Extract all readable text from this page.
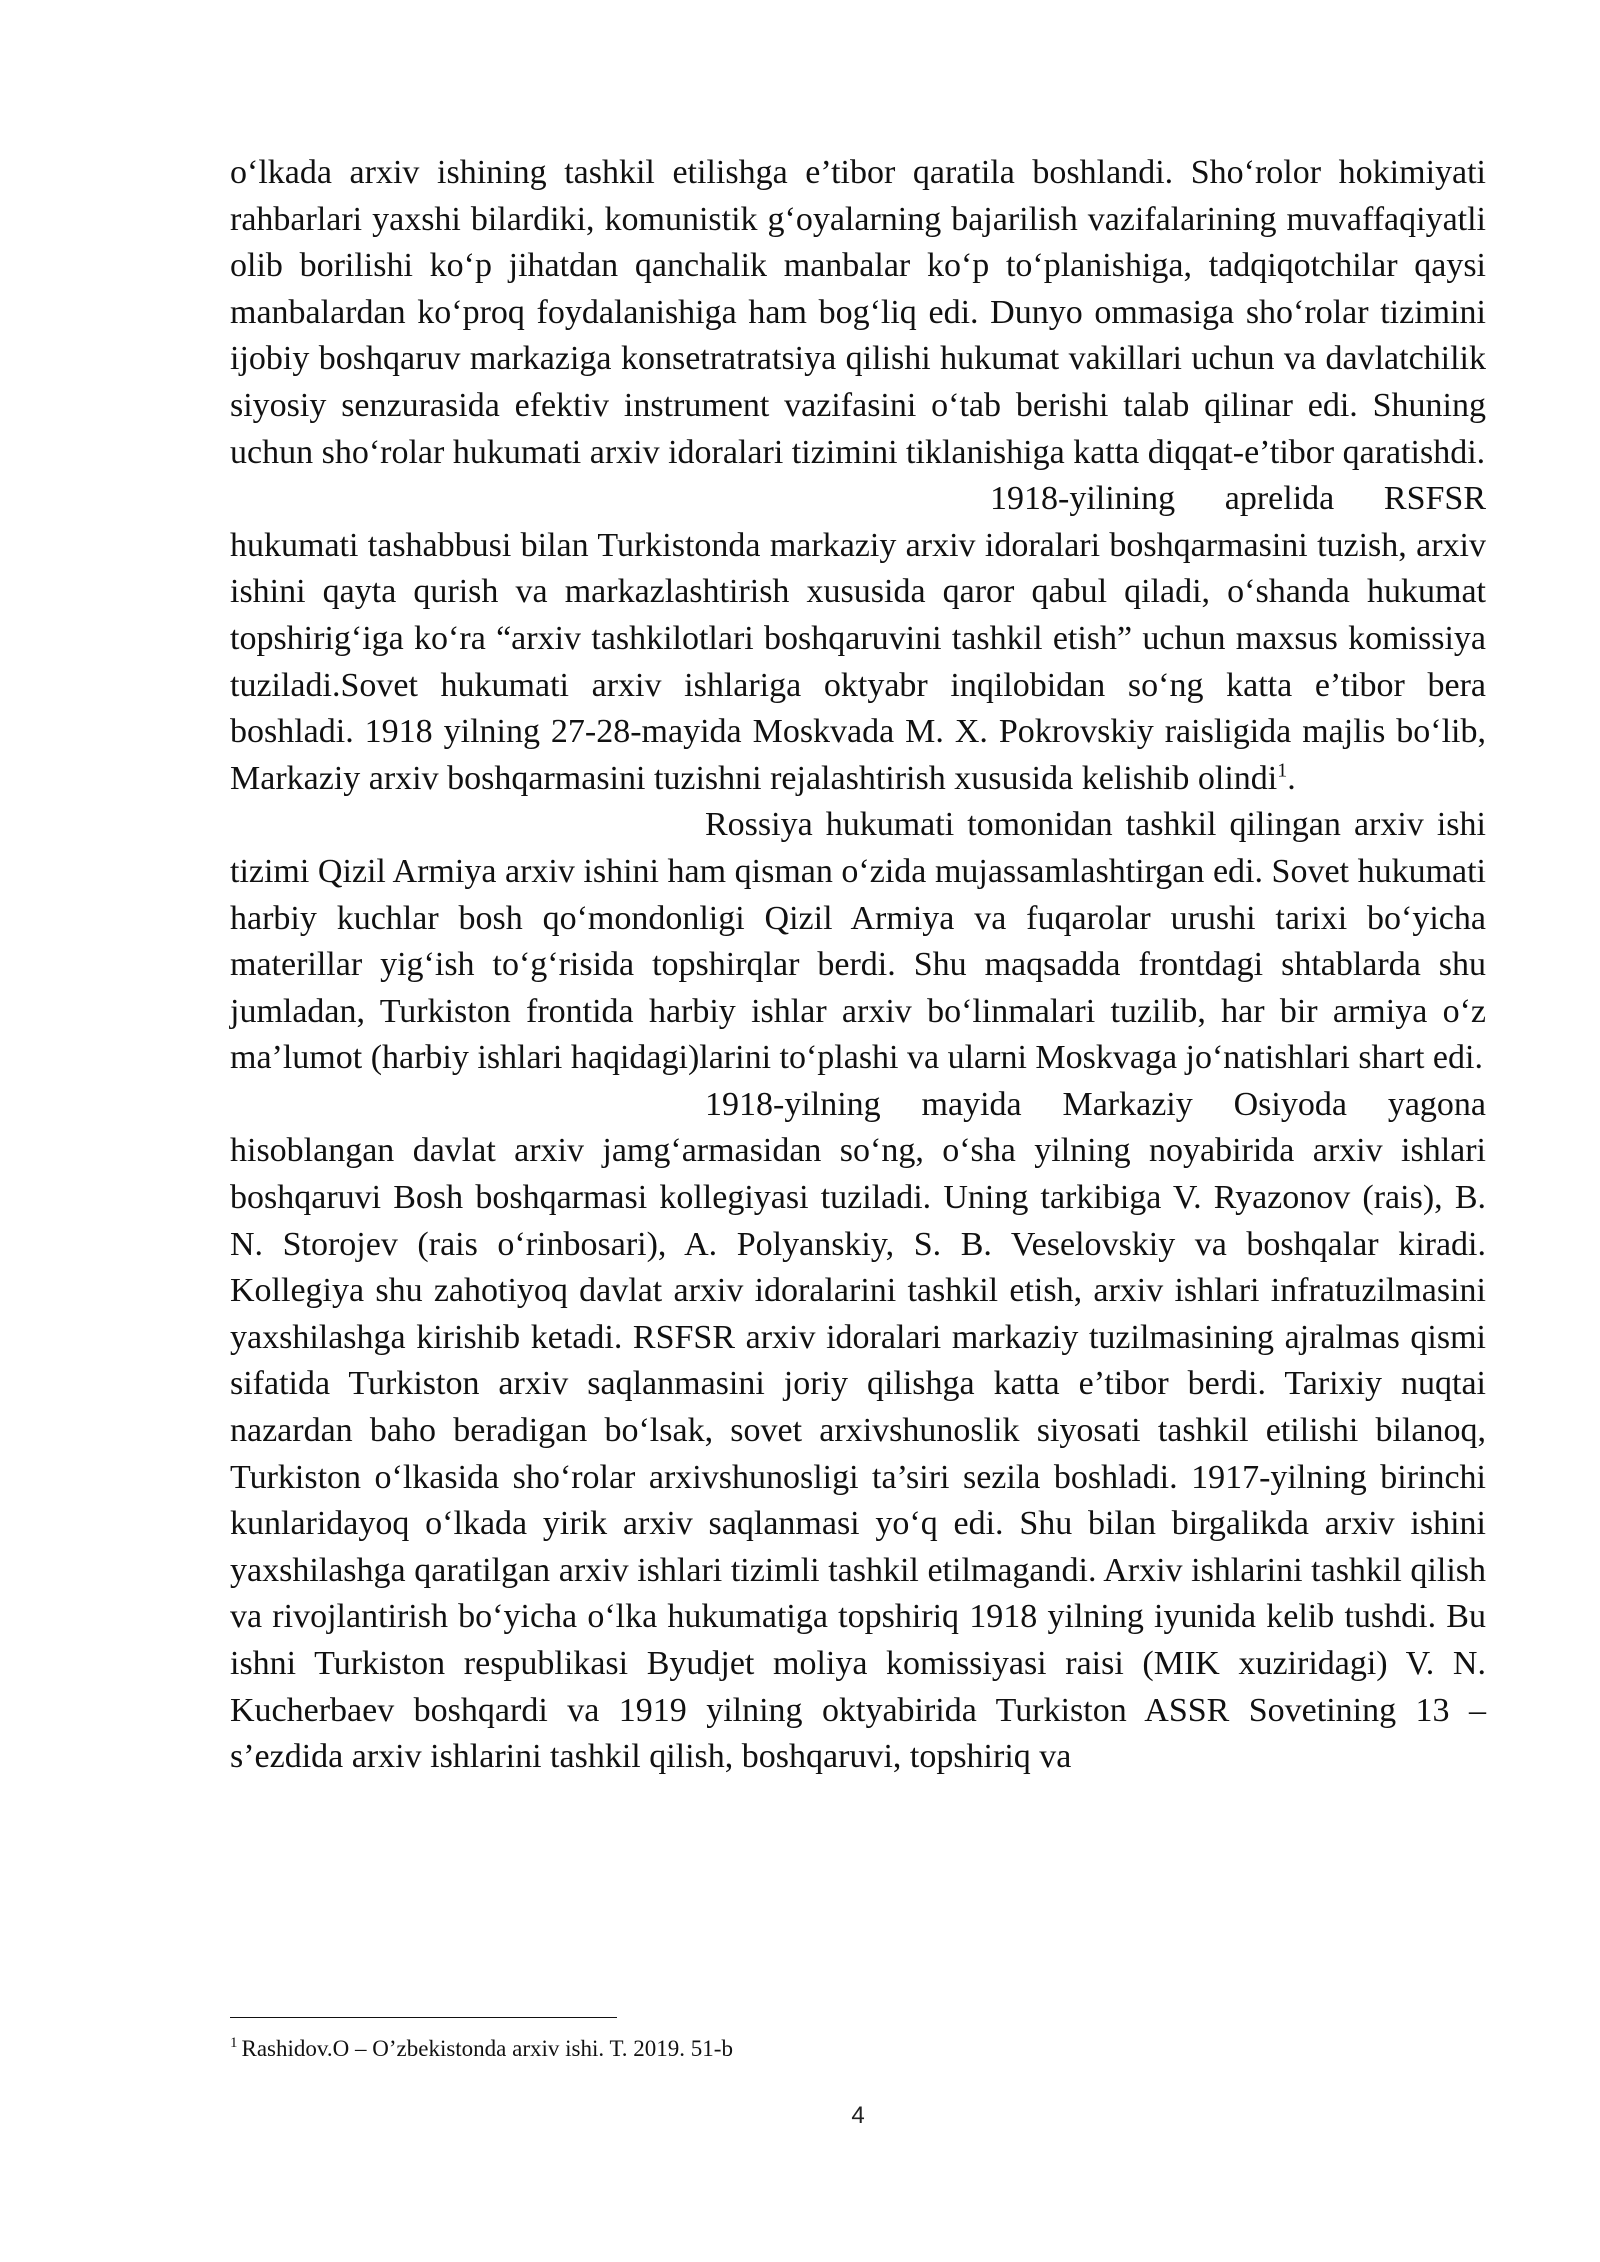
o‘lkada arxiv ishining tashkil etilishga e’tibor qaratila boshlandi. Sho‘rolor hokimiyati rahbarlari yaxshi bilardiki, komunistik g‘oyalarning bajarilish vazifalarining muvaffaqiyatli olib borilishi ko‘p jihatdan qanchalik manbalar ko‘p to‘planishiga, tadqiqotchilar qaysi manbalardan ko‘proq foydalanishiga ham bog‘liq edi. Dunyo ommasiga sho‘rolar tizimini ijobiy boshqaruv markaziga konsetratratsiya qilishi hukumat vakillari uchun va davlatchilik siyosiy senzurasida efektiv instrument vazifasini o‘tab berishi talab qilinar edi. Shuning uchun sho‘rolar hukumati arxiv idoralari tizimini tiklanishiga katta diqqat-e’tibor qaratishdi.

1918-yilining aprelida RSFSR hukumati tashabbusi bilan Turkistonda markaziy arxiv idoralari boshqarmasini tuzish, arxiv ishini qayta qurish va markazlashtirish xususida qaror qabul qiladi, o‘shanda hukumat topshirig‘iga ko‘ra “arxiv tashkilotlari boshqaruvini tashkil etish” uchun maxsus komissiya tuziladi.Sovet hukumati arxiv ishlariga oktyabr inqilobidan so‘ng katta e’tibor bera boshladi. 1918 yilning 27-28-mayida Moskvada M. X. Pokrovskiy raisligida majlis bo‘lib, Markaziy arxiv boshqarmasini tuzishni rejalashtirish xususida kelishib olindi$^1$.

Rossiya hukumati tomonidan tashkil qilingan arxiv ishi tizimi Qizil Armiya arxiv ishini ham qisman o‘zida mujassamlashtirgan edi. Sovet hukumati harbiy kuchlar bosh qo‘mondonligi Qizil Armiya va fuqarolar urushi tarixi bo‘yicha materillar yig‘ish to‘g‘risida topshirqlar berdi. Shu maqsadda frontdagi shtablarda shu jumladan, Turkiston frontida harbiy ishlar arxiv bo‘linmalari tuzilib, har bir armiya o‘z ma’lumot (harbiy ishlari haqidagi)larini to‘plashi va ularni Moskvaga jo‘natishlari shart edi.

1918-yilning mayida Markaziy Osiyoda yagona hisoblangan davlat arxiv jamg‘armasidan so‘ng, o‘sha yilning noyabirida arxiv ishlari boshqaruvi Bosh boshqarmasi kollegiyasi tuziladi. Uning tarkibiga V. Ryazonov (rais), B. N. Storojev (rais o‘rinbosari), A. Polyanskiy, S. B. Veselovskiy va boshqalar kiradi. Kollegiya shu zahotiyoq davlat arxiv idoralarini tashkil etish, arxiv ishlari infratuzilmasini yaxshilashga kirishib ketadi. RSFSR arxiv idoralari markaziy tuzilmasining ajralmas qismi sifatida Turkiston arxiv saqlanmasini joriy qilishga katta e’tibor berdi. Tarixiy nuqtai nazardan baho beradigan bo‘lsak, sovet arxivshunoslik siyosati tashkil etilishi bilanoq, Turkiston o‘lkasida sho‘rolar arxivshunosligi ta’siri sezila boshladi. 1917-yilning birinchi kunlaridayoq o‘lkada yirik arxiv saqlanmasi yo‘q edi. Shu bilan birgalikda arxiv ishini yaxshilashga qaratilgan arxiv ishlari tizimli tashkil etilmagandi. Arxiv ishlarini tashkil qilish va rivojlantirish bo‘yicha o‘lka hukumatiga topshiriq 1918 yilning iyunida kelib tushdi. Bu ishni Turkiston respublikasi Byudjet moliya komissiyasi raisi (MIK xuziridagi) V. N. Kucherbaev boshqardi va 1919 yilning oktyabirida Turkiston ASSR Sovetining 13 – s’ezdida arxiv ishlarini tashkil qilish, boshqaruvi, topshiriq va

$^1$ Rashidov.O – O’zbekistonda arxiv ishi. T. 2019. 51-b
4
